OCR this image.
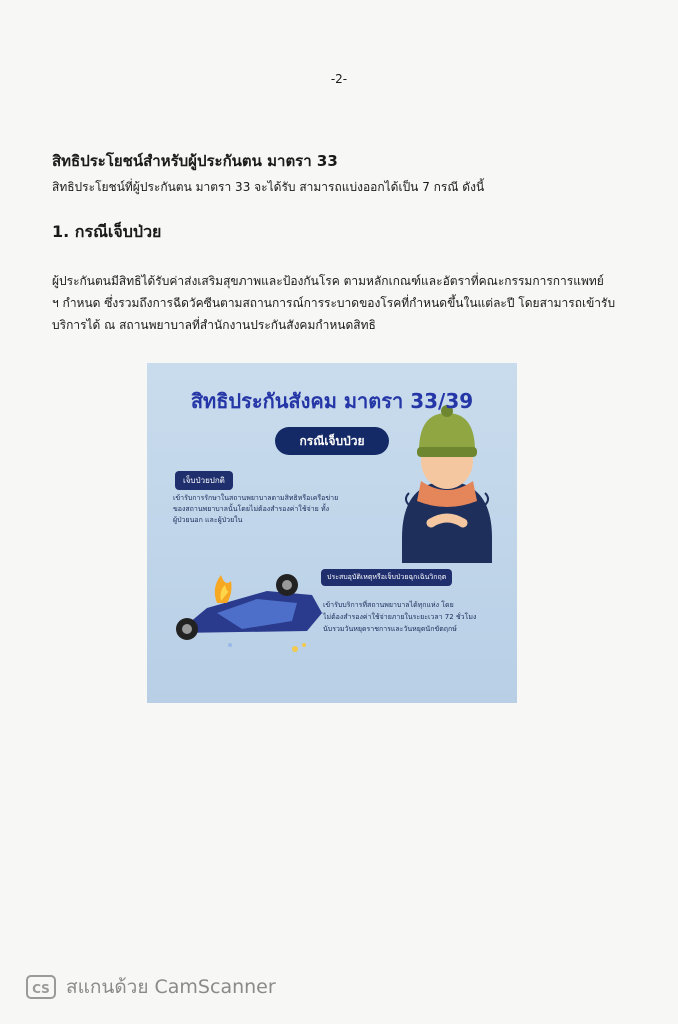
-2-
สิทธิประโยชน์สำหรับผู้ประกันตน มาตรา 33
สิทธิประโยชน์ที่ผู้ประกันตน มาตรา 33 จะได้รับ สามารถแบ่งออกได้เป็น 7 กรณี ดังนี้
1. กรณีเจ็บป่วย

ผู้ประกันตนมีสิทธิได้รับค่าส่งเสริมสุขภาพและป้องกันโรค ตามหลักเกณฑ์และอัตราที่คณะกรรมการการแพทย์

ฯ กำหนด ซึ่งรวมถึงการฉีดวัคซีนตามสถานการณ์การระบาดของโรคที่กำหนดขึ้นในแต่ละปี โดยสามารถเข้ารับ

บริการได้ ณ สถานพยาบาลที่สำนักงานประกันสังคมกำหนดสิทธิ

สิทธิประกันสังคม มาตรา 33/39
กรณีเจ็บป่วย
เจ็บป่วยปกติ

เข้ารับการรักษาในสถานพยาบาลตามสิทธิหรือเครือข่าย

ของสถานพยาบาลนั้นโดยไม่ต้องสำรองค่าใช้จ่าย ทั้ง

ผู้ป่วยนอก และผู้ป่วยใน

ประสบอุบัติเหตุหรือเจ็บป่วยฉุกเฉินวิกฤต

เข้ารับบริการที่สถานพยาบาลได้ทุกแห่ง โดย

ไม่ต้องสำรองค่าใช้จ่ายภายในระยะเวลา 72 ชั่วโมง

นับรวมวันหยุดราชการและวันหยุดนักขัตฤกษ์

CS สแกนด้วย CamScanner
